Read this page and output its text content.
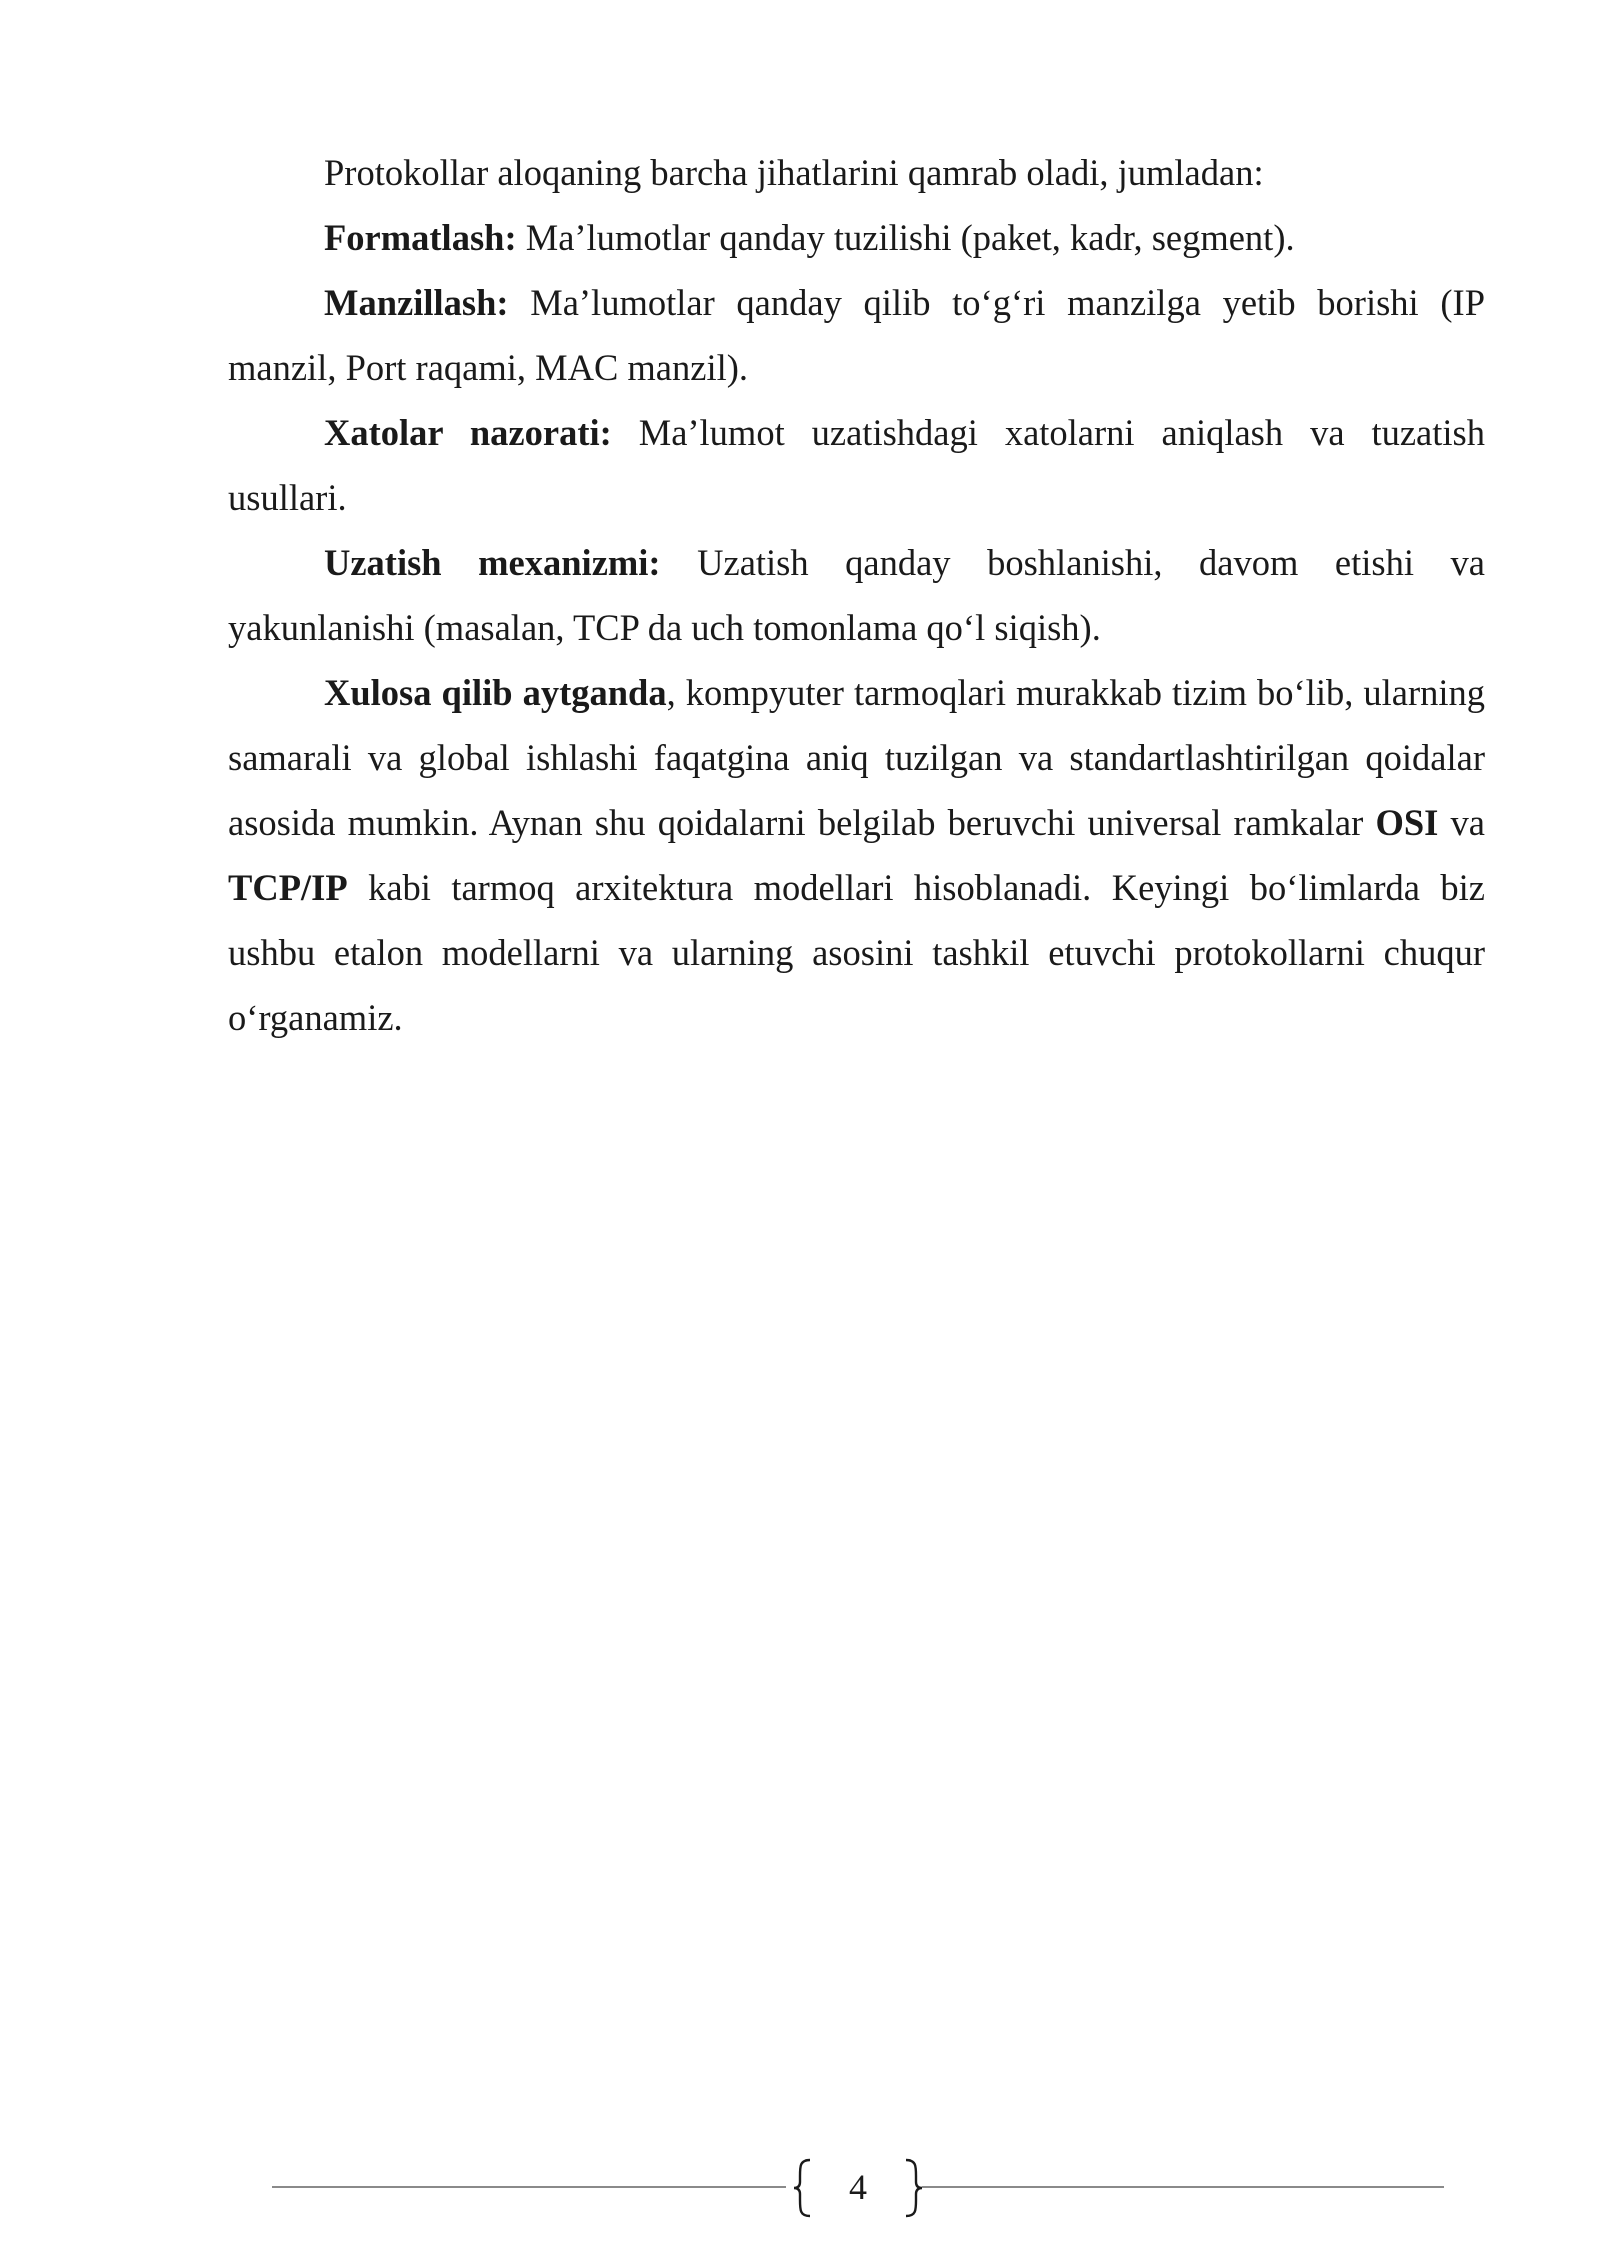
Protokollar aloqaning barcha jihatlarini qamrab oladi, jumladan:

Formatlash: Ma’lumotlar qanday tuzilishi (paket, kadr, segment).

Manzillash: Ma’lumotlar qanday qilib to‘g‘ri manzilga yetib borishi (IP manzil, Port raqami, MAC manzil).

Xatolar nazorati: Ma’lumot uzatishdagi xatolarni aniqlash va tuzatish usullari.

Uzatish mexanizmi: Uzatish qanday boshlanishi, davom etishi va yakunlanishi (masalan, TCP da uch tomonlama qo‘l siqish).

Xulosa qilib aytganda, kompyuter tarmoqlari murakkab tizim bo‘lib, ularning samarali va global ishlashi faqatgina aniq tuzilgan va standartlashtirilgan qoidalar asosida mumkin. Aynan shu qoidalarni belgilab beruvchi universal ramkalar OSI va TCP/IP kabi tarmoq arxitektura modellari hisoblanadi. Keyingi bo‘limlarda biz ushbu etalon modellarni va ularning asosini tashkil etuvchi protokollarni chuqur o‘rganamiz.

4
